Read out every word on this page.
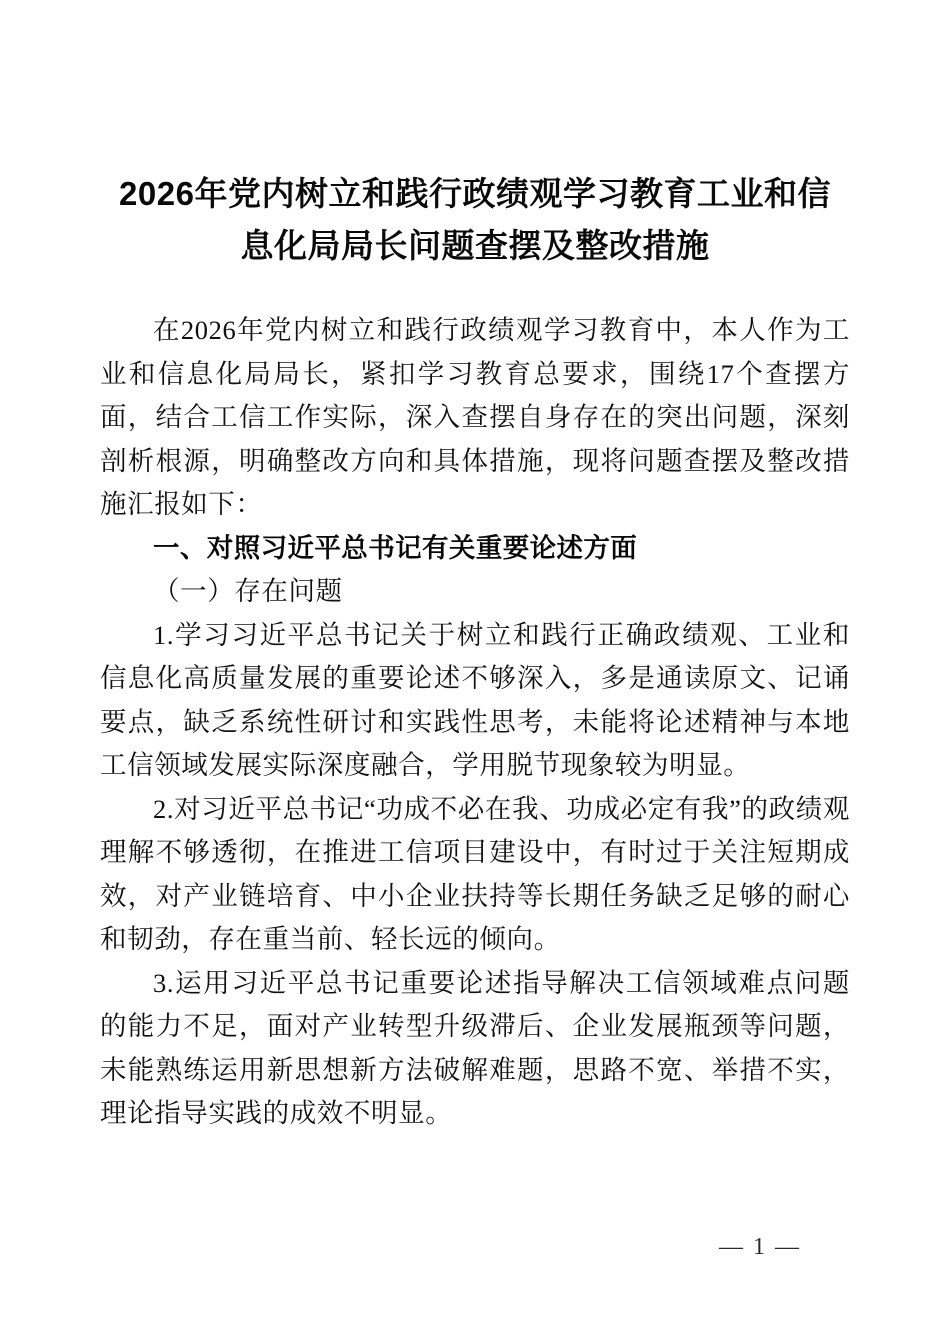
2026年党内树立和践行政绩观学习教育工业和信息化局局长问题查摆及整改措施

在2026年党内树立和践行政绩观学习教育中，本人作为工业和信息化局局长，紧扣学习教育总要求，围绕17个查摆方面，结合工信工作实际，深入查摆自身存在的突出问题，深刻剖析根源，明确整改方向和具体措施，现将问题查摆及整改措施汇报如下：

一、对照习近平总书记有关重要论述方面

（一）存在问题

1.学习习近平总书记关于树立和践行正确政绩观、工业和信息化高质量发展的重要论述不够深入，多是通读原文、记诵要点，缺乏系统性研讨和实践性思考，未能将论述精神与本地工信领域发展实际深度融合，学用脱节现象较为明显。

2.对习近平总书记“功成不必在我、功成必定有我”的政绩观理解不够透彻，在推进工信项目建设中，有时过于关注短期成效，对产业链培育、中小企业扶持等长期任务缺乏足够的耐心和韧劲，存在重当前、轻长远的倾向。

3.运用习近平总书记重要论述指导解决工信领域难点问题的能力不足，面对产业转型升级滞后、企业发展瓶颈等问题，未能熟练运用新思想新方法破解难题，思路不宽、举措不实，理论指导实践的成效不明显。

— 1 —
